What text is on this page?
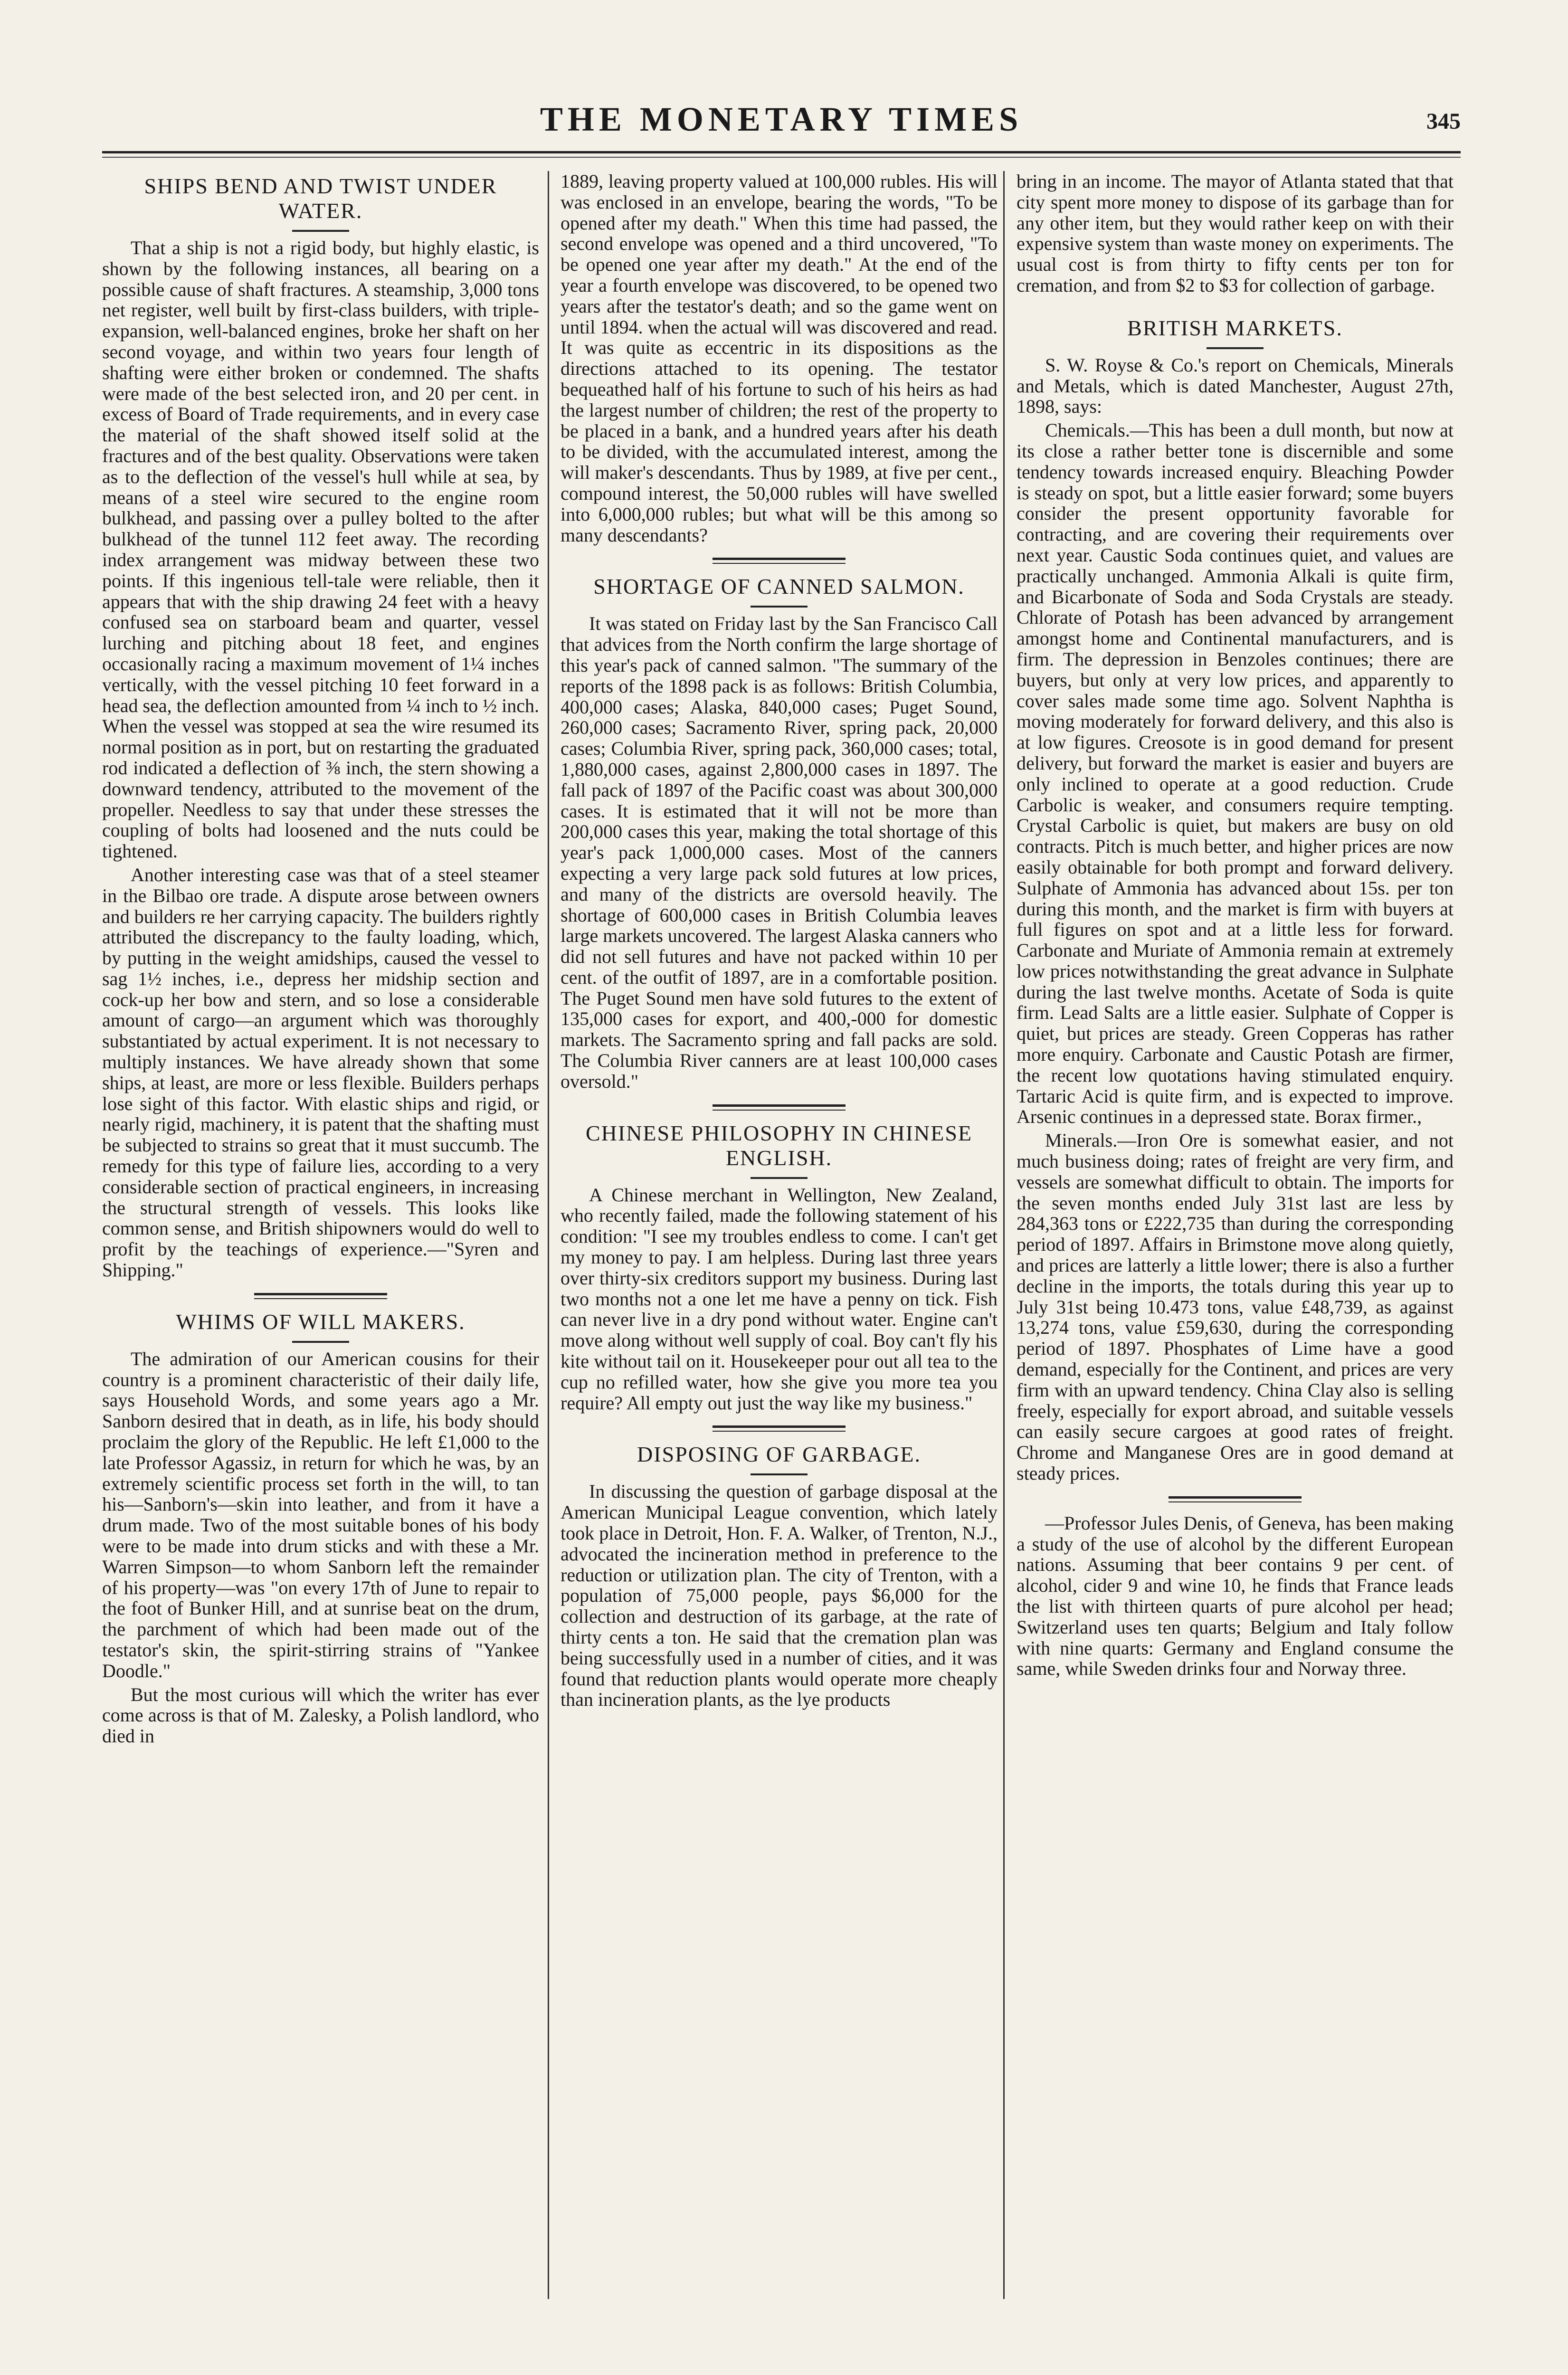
THE MONETARY TIMES	345
SHIPS BEND AND TWIST UNDER WATER.

That a ship is not a rigid body, but highly elastic, is shown by the following instances, all bearing on a possible cause of shaft fractures. A steamship, 3,000 tons net register, well built by first-class builders, with triple-expansion, well-balanced engines, broke her shaft on her second voyage, and within two years four length of shafting were either broken or condemned. The shafts were made of the best selected iron, and 20 per cent. in excess of Board of Trade requirements, and in every case the material of the shaft showed itself solid at the fractures and of the best quality. Observations were taken as to the deflection of the vessel's hull while at sea, by means of a steel wire secured to the engine room bulkhead, and passing over a pulley bolted to the after bulkhead of the tunnel 112 feet away. The recording index arrangement was midway between these two points. If this ingenious tell-tale were reliable, then it appears that with the ship drawing 24 feet with a heavy confused sea on starboard beam and quarter, vessel lurching and pitching about 18 feet, and engines occasionally racing a maximum movement of 1¼ inches vertically, with the vessel pitching 10 feet forward in a head sea, the deflection amounted from ¼ inch to ½ inch. When the vessel was stopped at sea the wire resumed its normal position as in port, but on restarting the graduated rod indicated a deflection of ⅜ inch, the stern showing a downward tendency, attributed to the movement of the propeller. Needless to say that under these stresses the coupling of bolts had loosened and the nuts could be tightened.

Another interesting case was that of a steel steamer in the Bilbao ore trade. A dispute arose between owners and builders re her carrying capacity. The builders rightly attributed the discrepancy to the faulty loading, which, by putting in the weight amidships, caused the vessel to sag 1½ inches, i.e., depress her midship section and cock-up her bow and stern, and so lose a considerable amount of cargo—an argument which was thoroughly substantiated by actual experiment. It is not necessary to multiply instances. We have already shown that some ships, at least, are more or less flexible. Builders perhaps lose sight of this factor. With elastic ships and rigid, or nearly rigid, machinery, it is patent that the shafting must be subjected to strains so great that it must succumb. The remedy for this type of failure lies, according to a very considerable section of practical engineers, in increasing the structural strength of vessels. This looks like common sense, and British shipowners would do well to profit by the teachings of experience.—"Syren and Shipping."

WHIMS OF WILL MAKERS.

The admiration of our American cousins for their country is a prominent characteristic of their daily life, says Household Words, and some years ago a Mr. Sanborn desired that in death, as in life, his body should proclaim the glory of the Republic. He left £1,000 to the late Professor Agassiz, in return for which he was, by an extremely scientific process set forth in the will, to tan his—Sanborn's—skin into leather, and from it have a drum made. Two of the most suitable bones of his body were to be made into drum sticks and with these a Mr. Warren Simpson—to whom Sanborn left the remainder of his property—was "on every 17th of June to repair to the foot of Bunker Hill, and at sunrise beat on the drum, the parchment of which had been made out of the testator's skin, the spirit-stirring strains of "Yankee Doodle."

But the most curious will which the writer has ever come across is that of M. Zalesky, a Polish landlord, who died in

1889, leaving property valued at 100,000 rubles. His will was enclosed in an envelope, bearing the words, "To be opened after my death." When this time had passed, the second envelope was opened and a third uncovered, "To be opened one year after my death." At the end of the year a fourth envelope was discovered, to be opened two years after the testator's death; and so the game went on until 1894. when the actual will was discovered and read. It was quite as eccentric in its dispositions as the directions attached to its opening. The testator bequeathed half of his fortune to such of his heirs as had the largest number of children; the rest of the property to be placed in a bank, and a hundred years after his death to be divided, with the accumulated interest, among the will maker's descendants. Thus by 1989, at five per cent., compound interest, the 50,000 rubles will have swelled into 6,000,000 rubles; but what will be this among so many descendants?

SHORTAGE OF CANNED SALMON.

It was stated on Friday last by the San Francisco Call that advices from the North confirm the large shortage of this year's pack of canned salmon. "The summary of the reports of the 1898 pack is as follows: British Columbia, 400,000 cases; Alaska, 840,000 cases; Puget Sound, 260,000 cases; Sacramento River, spring pack, 20,000 cases; Columbia River, spring pack, 360,000 cases; total, 1,880,000 cases, against 2,800,000 cases in 1897. The fall pack of 1897 of the Pacific coast was about 300,000 cases. It is estimated that it will not be more than 200,000 cases this year, making the total shortage of this year's pack 1,000,000 cases. Most of the canners expecting a very large pack sold futures at low prices, and many of the districts are oversold heavily. The shortage of 600,000 cases in British Columbia leaves large markets uncovered. The largest Alaska canners who did not sell futures and have not packed within 10 per cent. of the outfit of 1897, are in a comfortable position. The Puget Sound men have sold futures to the extent of 135,000 cases for export, and 400,-000 for domestic markets. The Sacramento spring and fall packs are sold. The Columbia River canners are at least 100,000 cases oversold."

CHINESE PHILOSOPHY IN CHINESE ENGLISH.

A Chinese merchant in Wellington, New Zealand, who recently failed, made the following statement of his condition: "I see my troubles endless to come. I can't get my money to pay. I am helpless. During last three years over thirty-six creditors support my business. During last two months not a one let me have a penny on tick. Fish can never live in a dry pond without water. Engine can't move along without well supply of coal. Boy can't fly his kite without tail on it. Housekeeper pour out all tea to the cup no refilled water, how she give you more tea you require? All empty out just the way like my business."

DISPOSING OF GARBAGE.

In discussing the question of garbage disposal at the American Municipal League convention, which lately took place in Detroit, Hon. F. A. Walker, of Trenton, N.J., advocated the incineration method in preference to the reduction or utilization plan. The city of Trenton, with a population of 75,000 people, pays $6,000 for the collection and destruction of its garbage, at the rate of thirty cents a ton. He said that the cremation plan was being successfully used in a number of cities, and it was found that reduction plants would operate more cheaply than incineration plants, as the lye products

bring in an income. The mayor of Atlanta stated that that city spent more money to dispose of its garbage than for any other item, but they would rather keep on with their expensive system than waste money on experiments. The usual cost is from thirty to fifty cents per ton for cremation, and from $2 to $3 for collection of garbage.

BRITISH MARKETS.

S. W. Royse & Co.'s report on Chemicals, Minerals and Metals, which is dated Manchester, August 27th, 1898, says:

Chemicals.—This has been a dull month, but now at its close a rather better tone is discernible and some tendency towards increased enquiry. Bleaching Powder is steady on spot, but a little easier forward; some buyers consider the present opportunity favorable for contracting, and are covering their requirements over next year. Caustic Soda continues quiet, and values are practically unchanged. Ammonia Alkali is quite firm, and Bicarbonate of Soda and Soda Crystals are steady. Chlorate of Potash has been advanced by arrangement amongst home and Continental manufacturers, and is firm. The depression in Benzoles continues; there are buyers, but only at very low prices, and apparently to cover sales made some time ago. Solvent Naphtha is moving moderately for forward delivery, and this also is at low figures. Creosote is in good demand for present delivery, but forward the market is easier and buyers are only inclined to operate at a good reduction. Crude Carbolic is weaker, and consumers require tempting. Crystal Carbolic is quiet, but makers are busy on old contracts. Pitch is much better, and higher prices are now easily obtainable for both prompt and forward delivery. Sulphate of Ammonia has advanced about 15s. per ton during this month, and the market is firm with buyers at full figures on spot and at a little less for forward. Carbonate and Muriate of Ammonia remain at extremely low prices notwithstanding the great advance in Sulphate during the last twelve months. Acetate of Soda is quite firm. Lead Salts are a little easier. Sulphate of Copper is quiet, but prices are steady. Green Copperas has rather more enquiry. Carbonate and Caustic Potash are firmer, the recent low quotations having stimulated enquiry. Tartaric Acid is quite firm, and is expected to improve. Arsenic continues in a depressed state. Borax firmer.,

Minerals.—Iron Ore is somewhat easier, and not much business doing; rates of freight are very firm, and vessels are somewhat difficult to obtain. The imports for the seven months ended July 31st last are less by 284,363 tons or £222,735 than during the corresponding period of 1897. Affairs in Brimstone move along quietly, and prices are latterly a little lower; there is also a further decline in the imports, the totals during this year up to July 31st being 10.473 tons, value £48,739, as against 13,274 tons, value £59,630, during the corresponding period of 1897. Phosphates of Lime have a good demand, especially for the Continent, and prices are very firm with an upward tendency. China Clay also is selling freely, especially for export abroad, and suitable vessels can easily secure cargoes at good rates of freight. Chrome and Manganese Ores are in good demand at steady prices.

—Professor Jules Denis, of Geneva, has been making a study of the use of alcohol by the different European nations. Assuming that beer contains 9 per cent. of alcohol, cider 9 and wine 10, he finds that France leads the list with thirteen quarts of pure alcohol per head; Switzerland uses ten quarts; Belgium and Italy follow with nine quarts: Germany and England consume the same, while Sweden drinks four and Norway three.
